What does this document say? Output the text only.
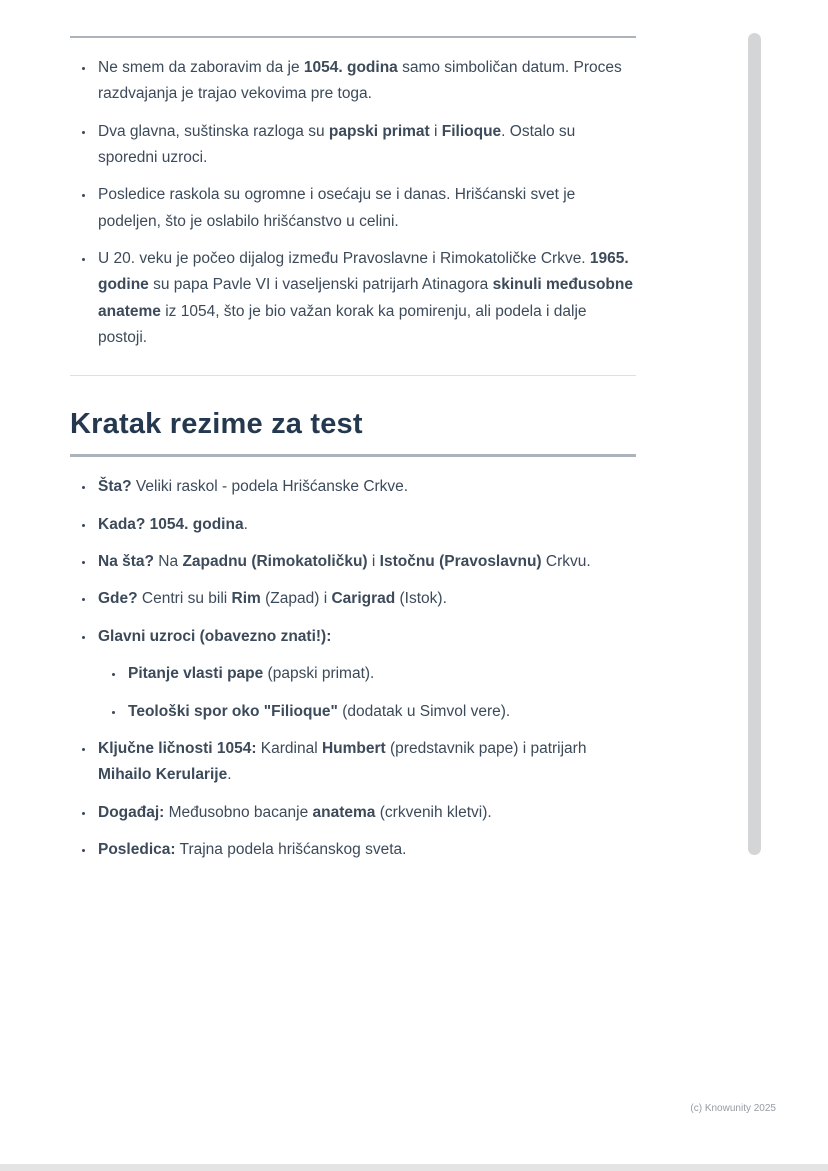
• Ne smem da zaboravim da je 1054. godina samo simboličan datum. Proces razdvajanja je trajao vekovima pre toga.
• Dva glavna, suštinska razloga su papski primat i Filioque. Ostalo su sporedni uzroci.
• Posledice raskola su ogromne i osećaju se i danas. Hrišćanski svet je podeljen, što je oslabilo hrišćanstvo u celini.
• U 20. veku je počeo dijalog između Pravoslavne i Rimokatoličke Crkve. 1965. godine su papa Pavle VI i vaseljenski patrijarh Atinagora skinuli međusobne anateme iz 1054, što je bio važan korak ka pomirenju, ali podela i dalje postoji.
Kratak rezime za test
• Šta? Veliki raskol - podela Hrišćanske Crkve.
• Kada? 1054. godina.
• Na šta? Na Zapadnu (Rimokatoličku) i Istočnu (Pravoslavnu) Crkvu.
• Gde? Centri su bili Rim (Zapad) i Carigrad (Istok).
• Glavni uzroci (obavezno znati!):
• Pitanje vlasti pape (papski primat).
• Teološki spor oko "Filioque" (dodatak u Simvol vere).
• Ključne ličnosti 1054: Kardinal Humbert (predstavnik pape) i patrijarh Mihailo Kerularije.
• Događaj: Međusobno bacanje anatema (crkvenih kletvi).
• Posledica: Trajna podela hrišćanskog sveta.
(c) Knowunity 2025
